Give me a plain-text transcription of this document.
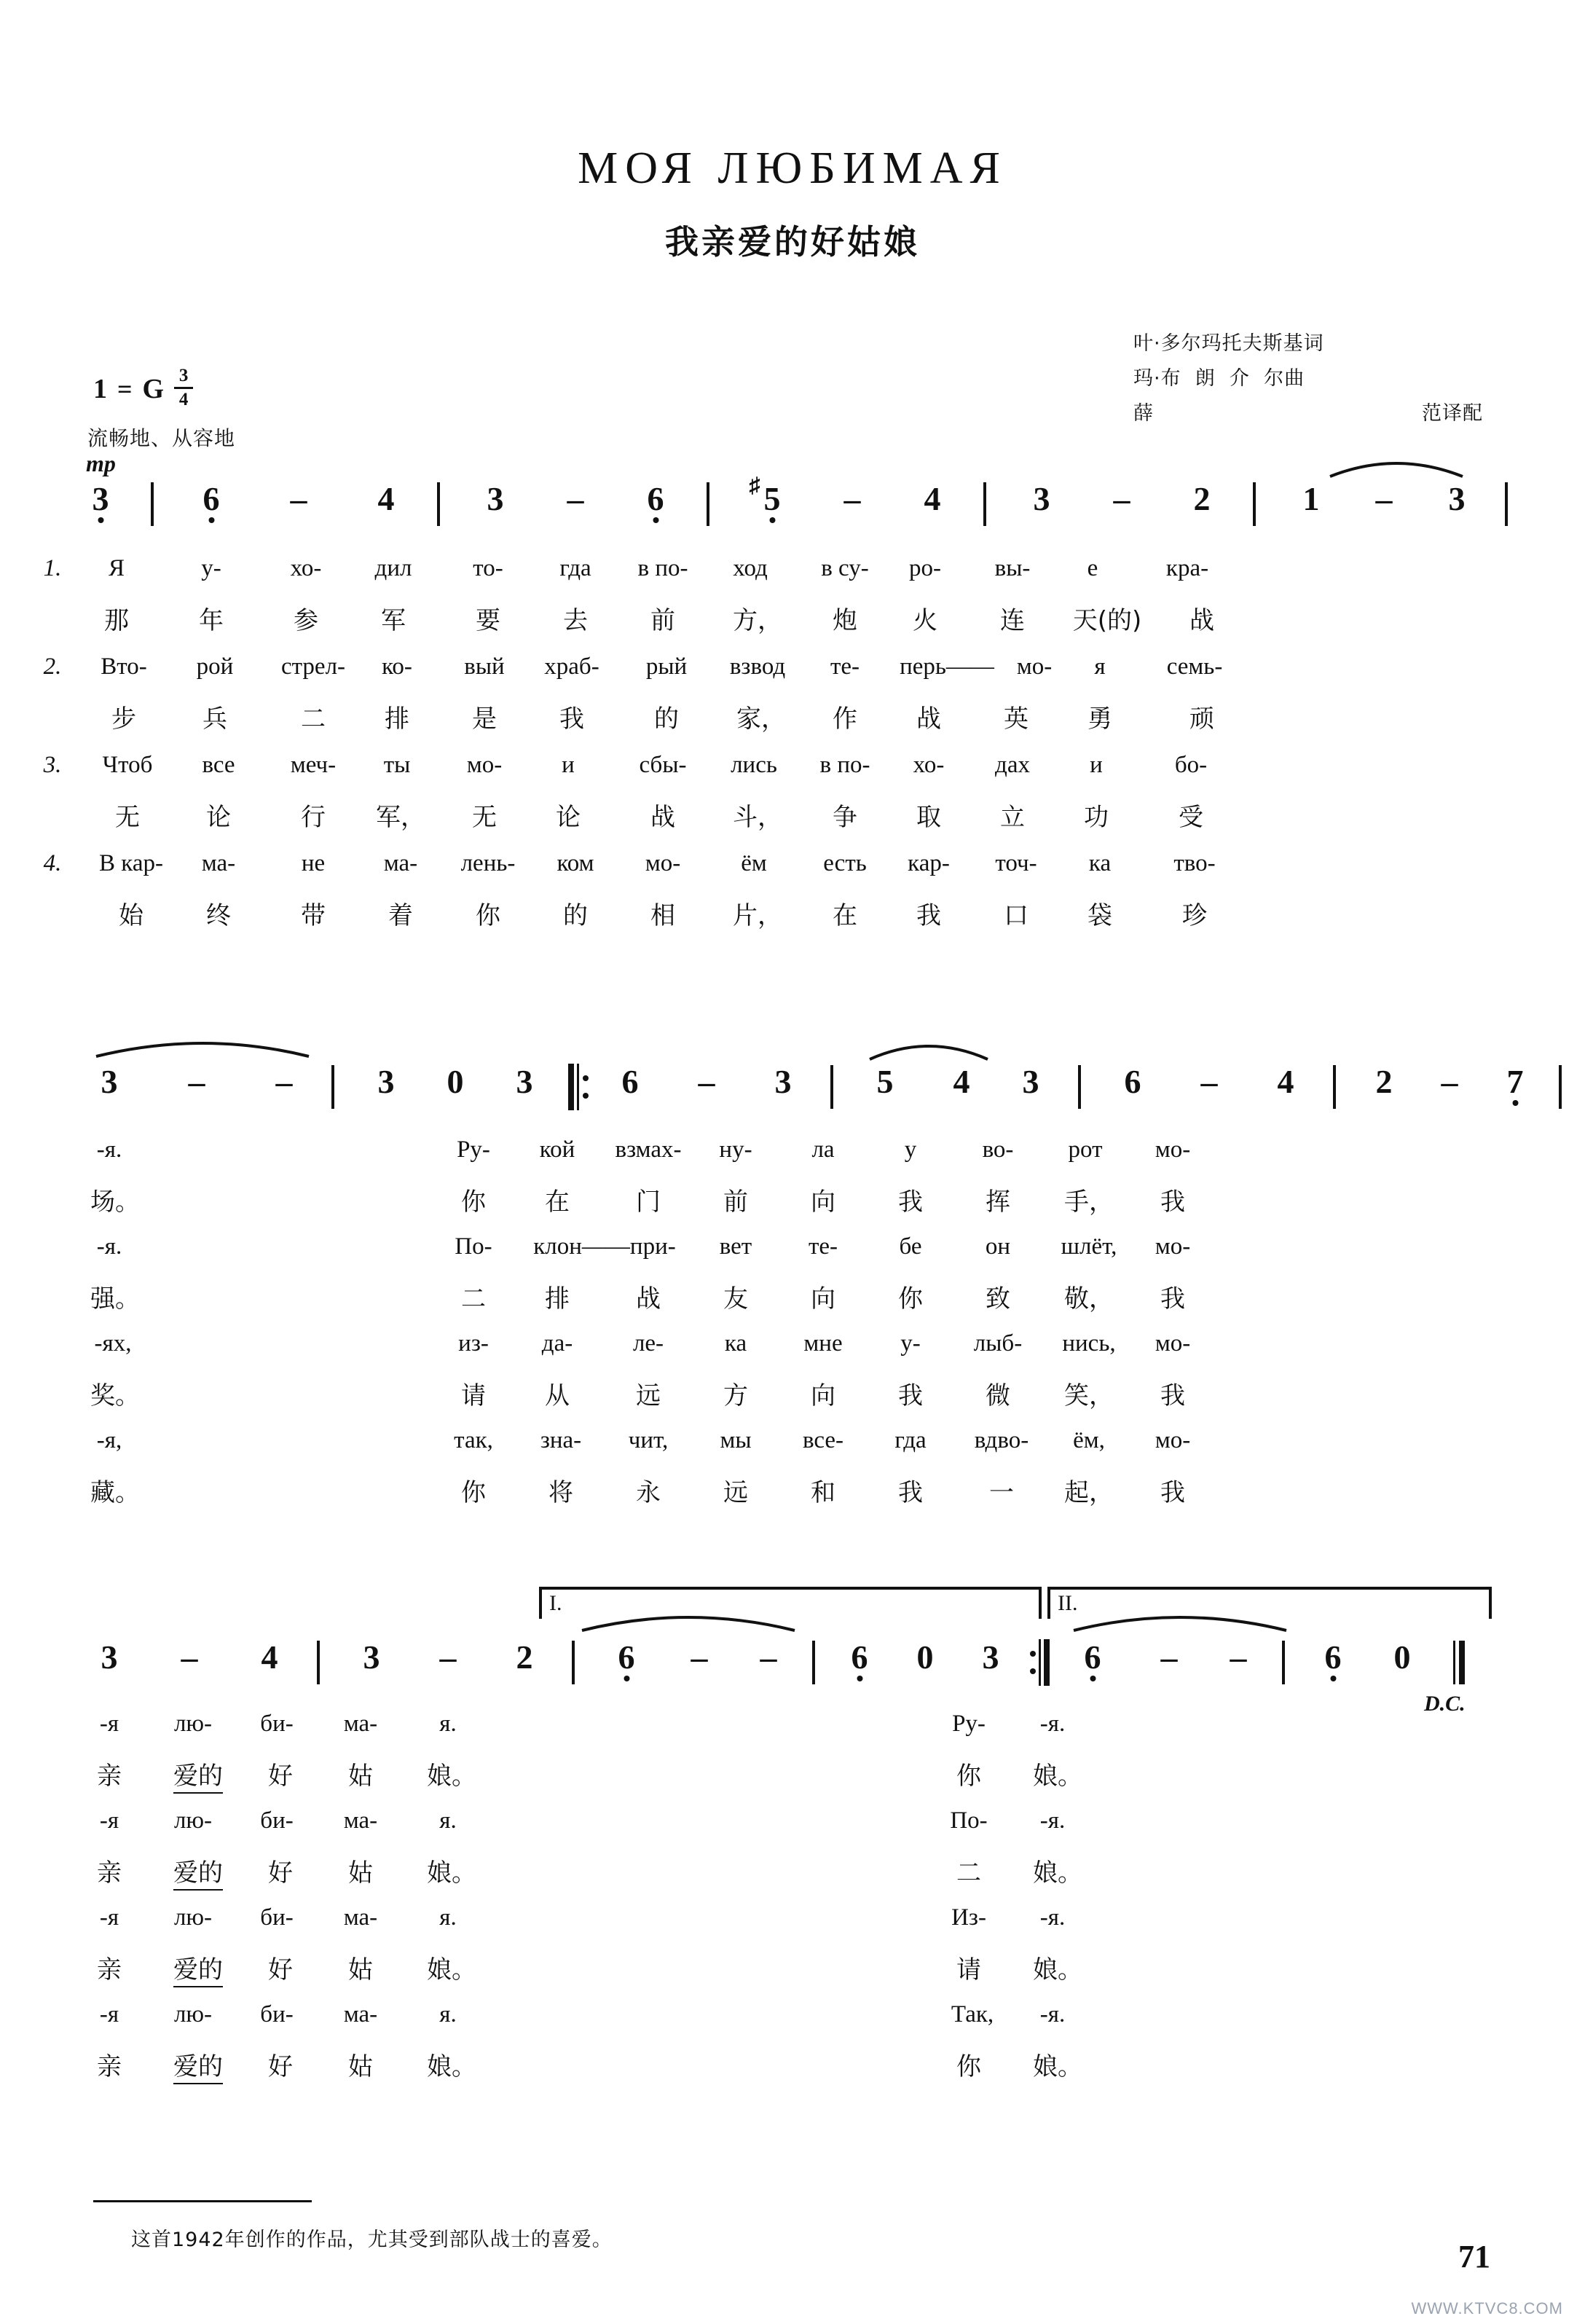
МОЯ ЛЮБИМАЯ
我亲爱的好姑娘
叶·多尔玛托夫斯基词
玛·布  朗  介  尔曲
薛	范译配
1 = G $\frac{3}{4}$
流畅地、从容地
mp
3	6 – 4	3 – 6	♯ 5 – 4	3 – 2	1 – 3
1. Я	у-	хо- дил	то- гда в по- ход в су- ро- вы- е	кра-
那	年	参	军	要	去	前 方， 炮 火	连 天(的) 战
2. Вто- рой стрел- ко- вый храб- рый взвод те- перь—— мо- я	семь-
步	兵	二 排	是	我	的 家， 作 战	英 勇	顽
3. Чтоб все меч- ты мо- и	сбы- лись в по- хо- дах и	бо-
无	论	行 军， 无 论	战 斗， 争 取 立 功	受
4. В кар- ма-	не ма- лень- ком мо-	ём есть кар- точ- ка	тво-
始	终	带	着	你	的	相 片， 在 我	口 袋	珍
3 – –	3 0 3	6 – 3	5 4 3	6 – 4 2 – 7
-я.	Ру- кой взмах- ну- ла	у	во- рот мо-
场。	你 在	门	前	向	我	挥 手， 我
-я.	По- клон——при- вет те-	бе	он шлёт, мо-
强。	二 排	战	友	向	你	致 敬， 我
-ях,	из- да-	ле-	ка мне у- лыб- нись, мо-
奖。	请 从	远	方	向	我	微 笑， 我
-я,	так, зна- чит, мы все- гда вдво- ём, мо-
藏。	你	将	永	远	和	我	一 起， 我
I.	II.
3 – 4	3 – 2	6 – – 6 0 3	6 – – 6 0
D.C.
-я лю- би- ма-	я.	Ру- -я.
亲 爱的 好 姑 娘。	你 娘。
-я лю- би- ма-	я.	По- -я.
亲 爱的 好 姑 娘。	二 娘。
-я лю- би- ма-	я.	Из- -я.
亲 爱的 好 姑 娘。	请 娘。
-я лю- би- ма-	я.	Так, -я.
亲 爱的 好 姑 娘。	你 娘。
这首1942年创作的作品，尤其受到部队战士的喜爱。	71
WWW.KTVC8.COM
